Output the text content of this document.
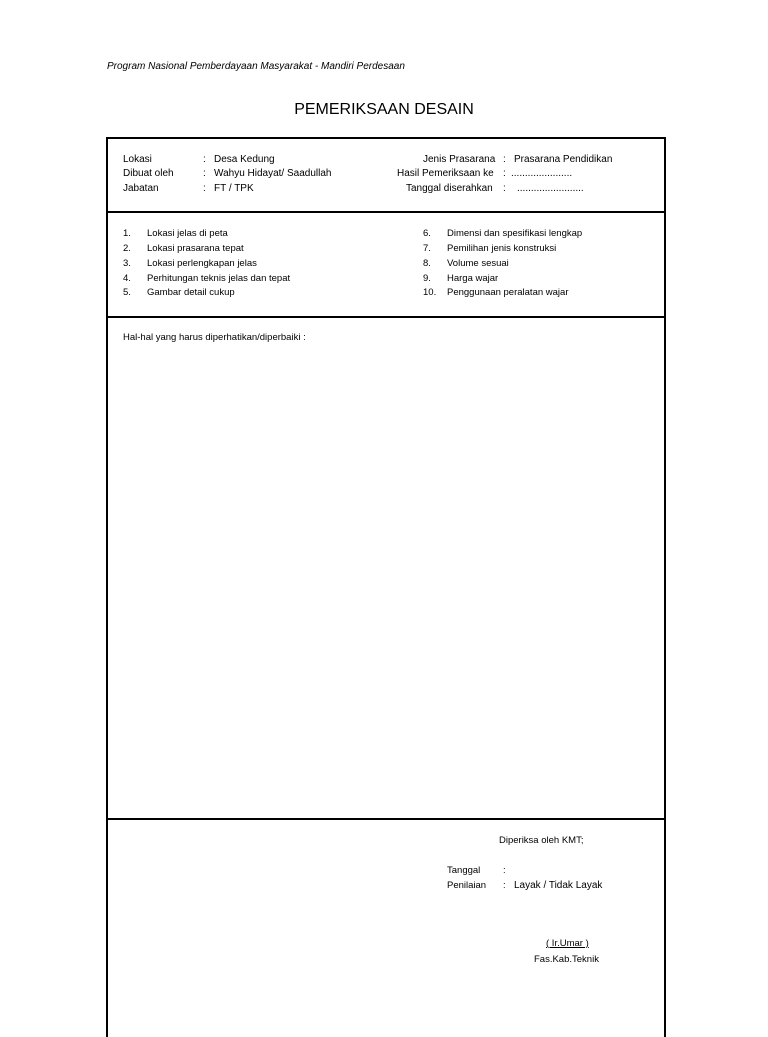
Program Nasional Pemberdayaan Masyarakat - Mandiri Perdesaan
PEMERIKSAAN DESAIN
Lokasi	: Desa Kedung
Dibuat oleh	: Wahyu Hidayat/ Saadullah
Jabatan	: FT / TPK
Jenis Prasarana : Prasarana Pendidikan
Hasil Pemeriksaan ke : ......................
Tanggal diserahkan : ........................
1. Lokasi jelas di peta
2. Lokasi prasarana tepat
3. Lokasi perlengkapan jelas
4. Perhitungan teknis jelas dan tepat
5. Gambar detail cukup
6. Dimensi dan spesifikasi lengkap
7. Pemilihan jenis konstruksi
8. Volume sesuai
9. Harga wajar
10. Penggunaan peralatan wajar
Hal-hal yang harus diperhatikan/diperbaiki :
Diperiksa oleh KMT;
Tanggal :
Penilaian : Layak / Tidak Layak
( Ir.Umar )
Fas.Kab.Teknik
